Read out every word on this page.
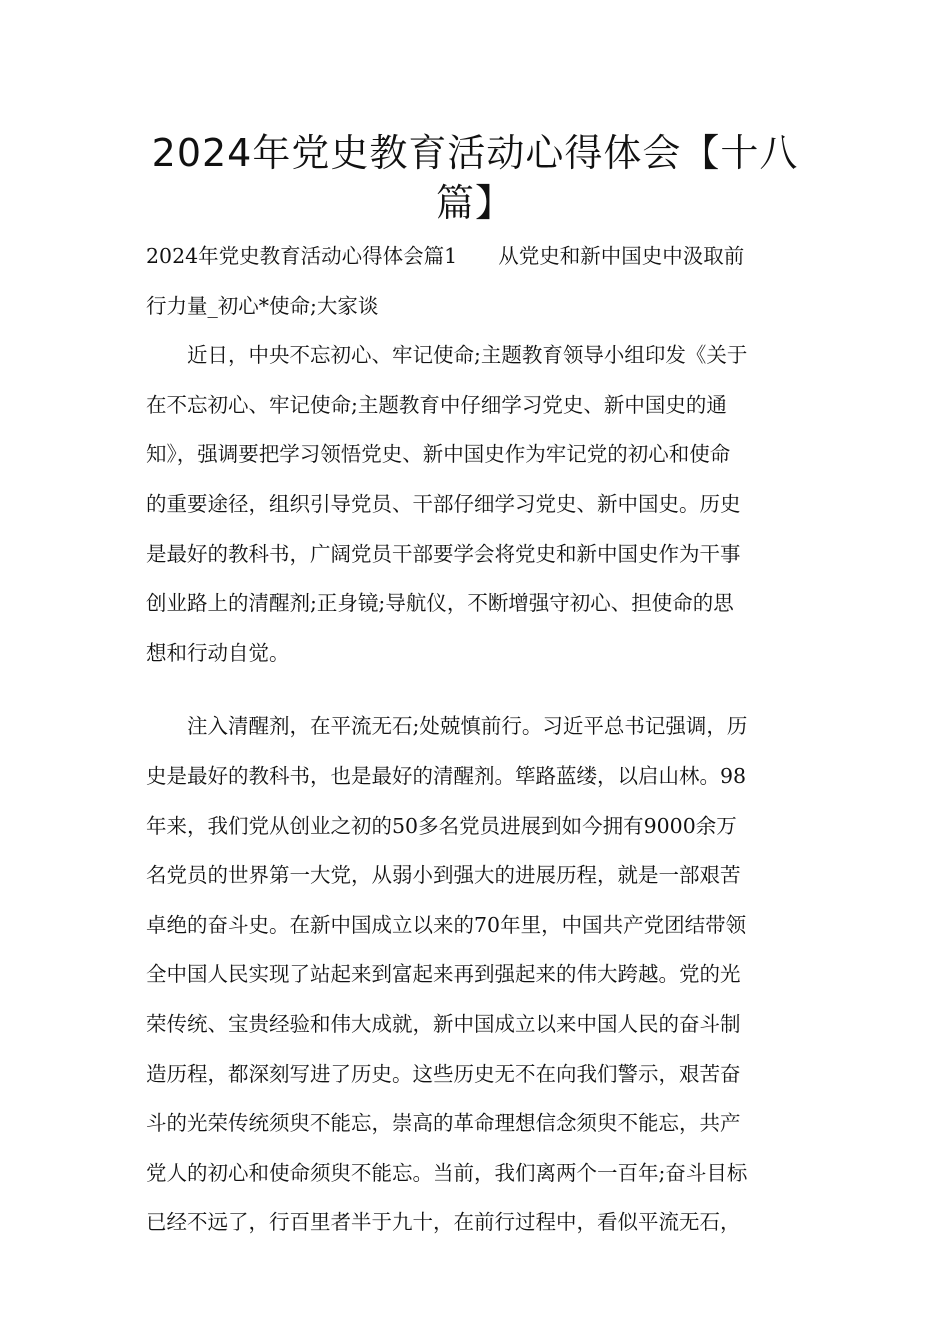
2024年党史教育活动心得体会【十八
篇】
2024年党史教育活动心得体会篇1　　从党史和新中国史中汲取前
行力量_初心*使命;大家谈
　　近日，中央不忘初心、牢记使命;主题教育领导小组印发《关于
在不忘初心、牢记使命;主题教育中仔细学习党史、新中国史的通
知》，强调要把学习领悟党史、新中国史作为牢记党的初心和使命
的重要途径，组织引导党员、干部仔细学习党史、新中国史。历史
是最好的教科书，广阔党员干部要学会将党史和新中国史作为干事
创业路上的清醒剂;正身镜;导航仪，不断增强守初心、担使命的思
想和行动自觉。
　　注入清醒剂，在平流无石;处兢慎前行。习近平总书记强调，历
史是最好的教科书，也是最好的清醒剂。筚路蓝缕，以启山林。98
年来，我们党从创业之初的50多名党员进展到如今拥有9000余万
名党员的世界第一大党，从弱小到强大的进展历程，就是一部艰苦
卓绝的奋斗史。在新中国成立以来的70年里，中国共产党团结带领
全中国人民实现了站起来到富起来再到强起来的伟大跨越。党的光
荣传统、宝贵经验和伟大成就，新中国成立以来中国人民的奋斗制
造历程，都深刻写进了历史。这些历史无不在向我们警示，艰苦奋
斗的光荣传统须臾不能忘，崇高的革命理想信念须臾不能忘，共产
党人的初心和使命须臾不能忘。当前，我们离两个一百年;奋斗目标
已经不远了，行百里者半于九十，在前行过程中，看似平流无石，
